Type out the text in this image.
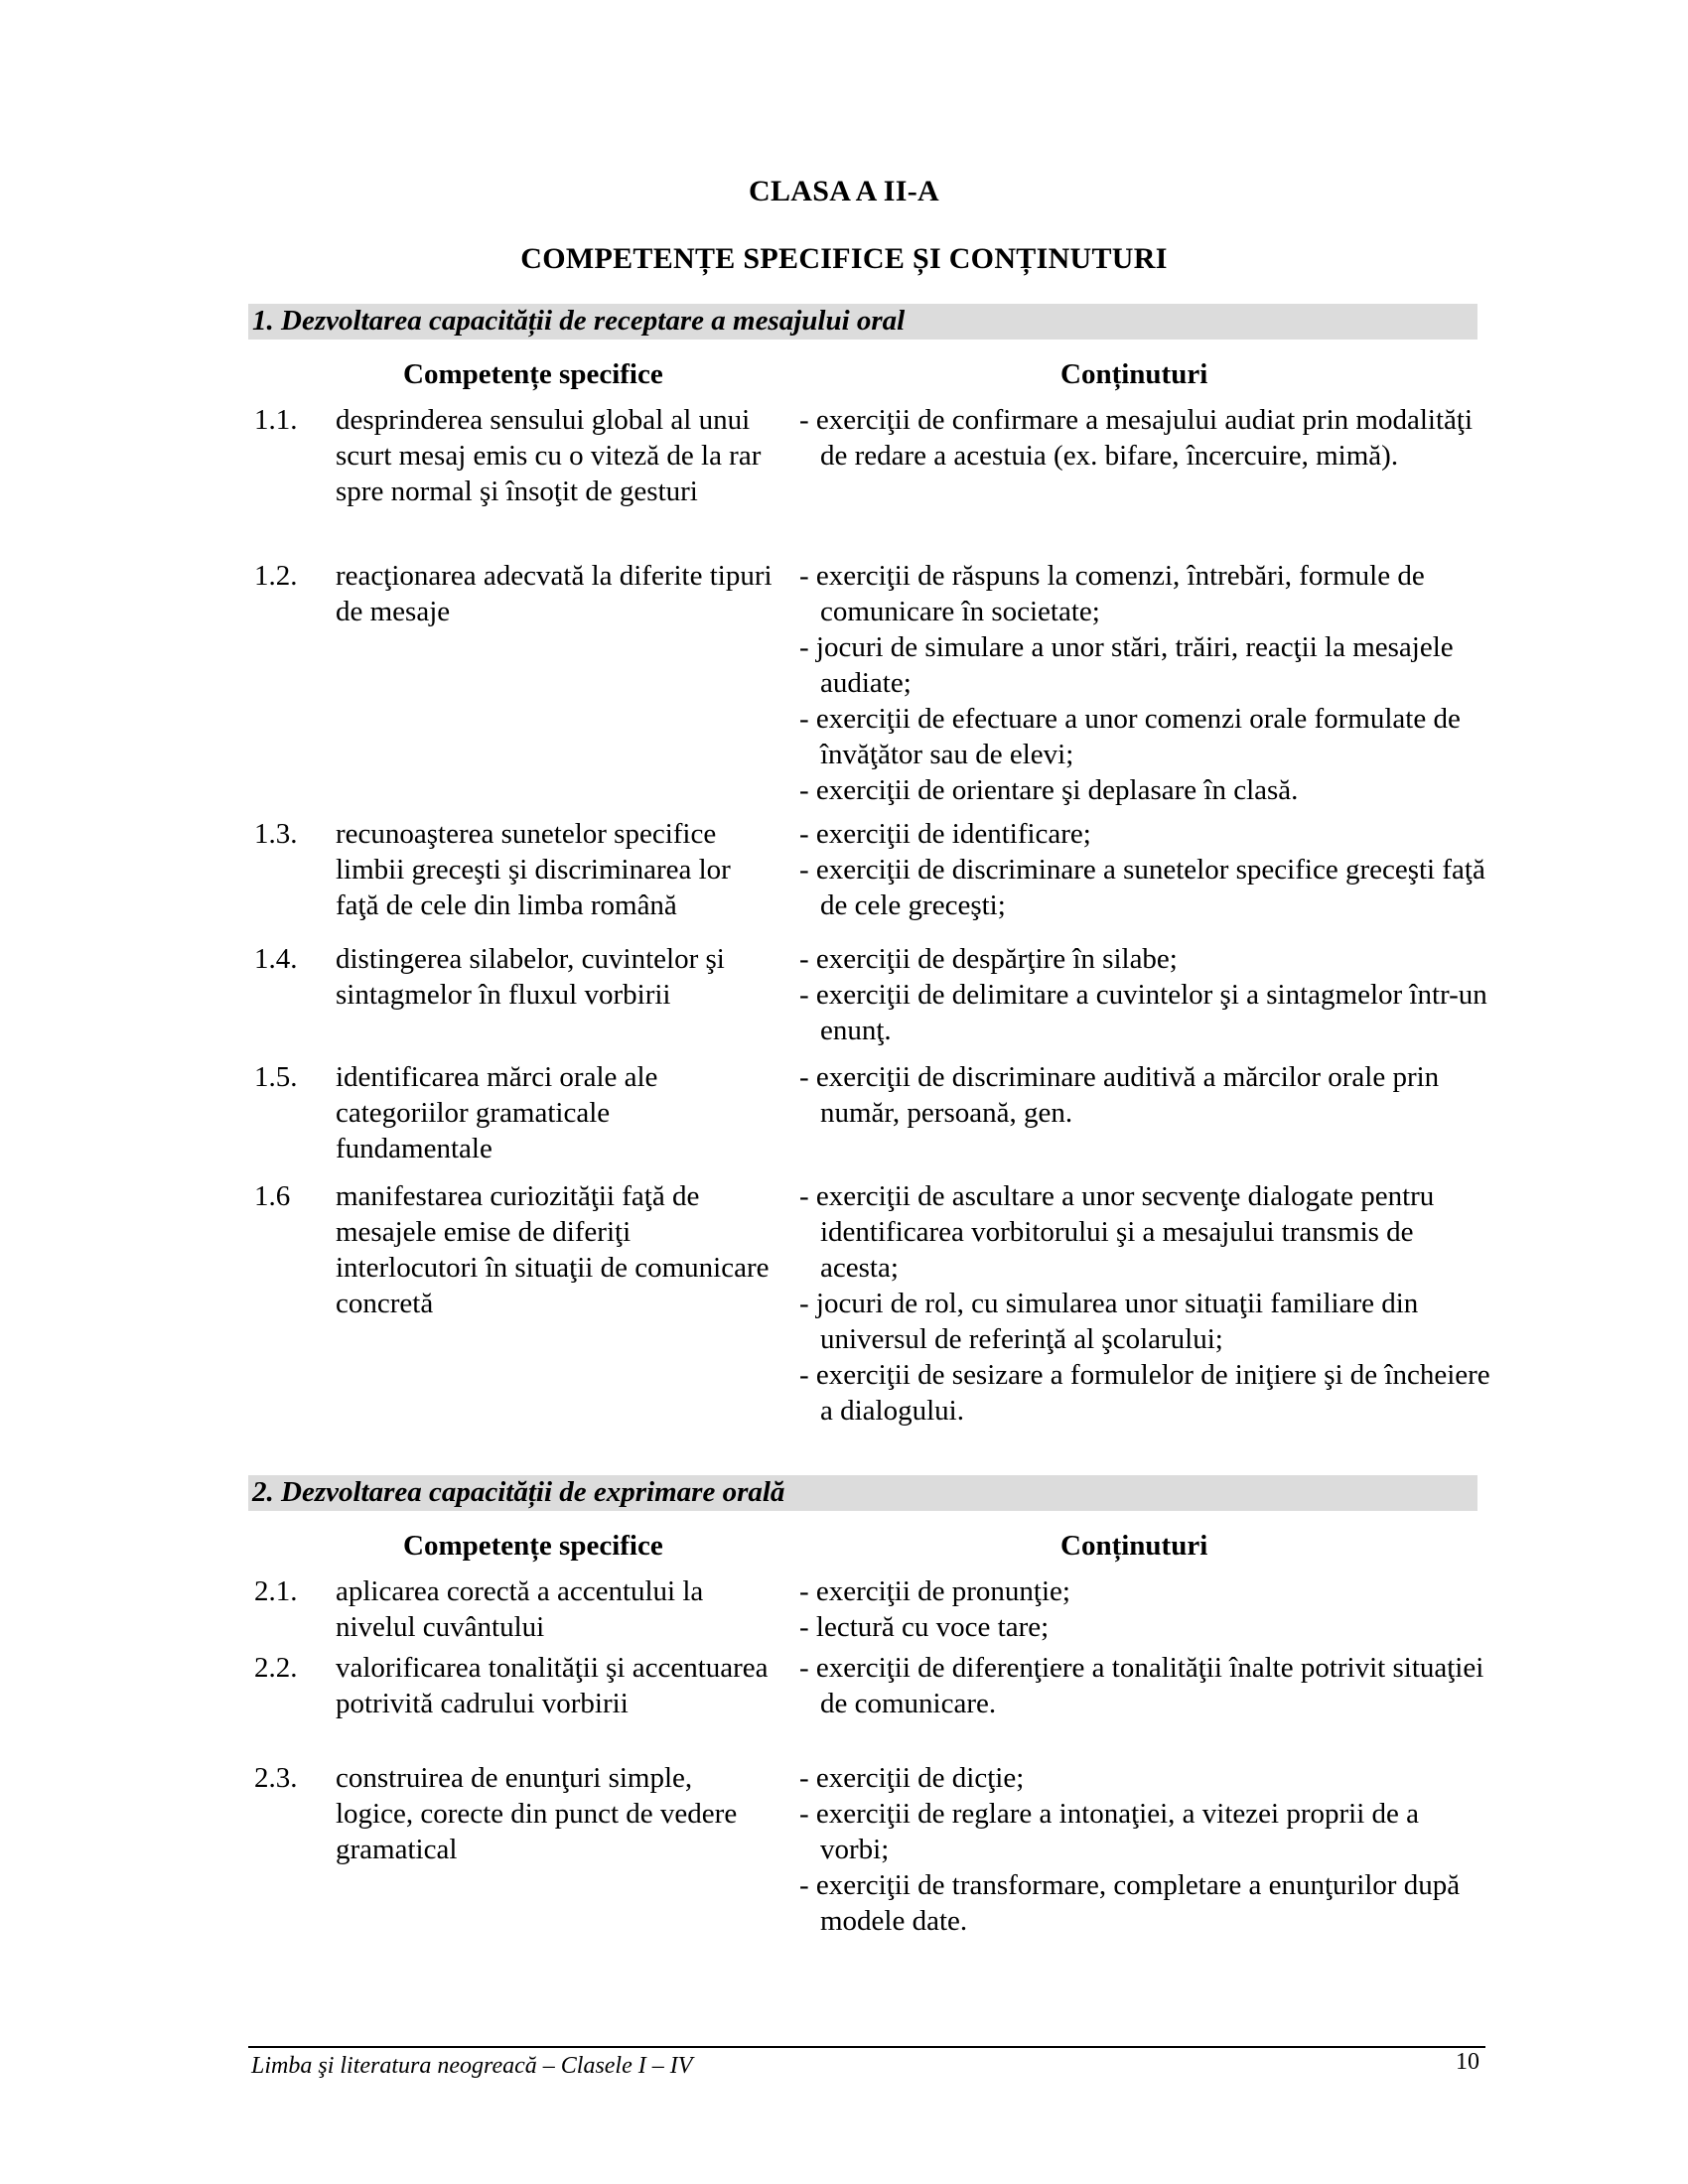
CLASA A II-A
COMPETENȚE SPECIFICE ȘI CONȚINUTURI
1. Dezvoltarea capacității de receptare a mesajului oral
Competențe specifice	Conținuturi
1.1. desprinderea sensului global al unui scurt mesaj emis cu o viteză de la rar spre normal şi însoţit de gesturi
- exerciţii de confirmare a mesajului audiat prin modalităţi de redare a acestuia (ex. bifare, încercuire, mimă).
1.2. reacţionarea adecvată la diferite tipuri de mesaje
- exerciţii de răspuns la comenzi, întrebări, formule de comunicare în societate;
- jocuri de simulare a unor stări, trăiri, reacţii la mesajele audiate;
- exerciţii de efectuare a unor comenzi orale formulate de învăţător sau de elevi;
- exerciţii de orientare şi deplasare în clasă.
1.3. recunoaşterea sunetelor specifice limbii greceşti şi discriminarea lor faţă de cele din limba română
- exerciţii de identificare;
- exerciţii de discriminare a sunetelor specifice greceşti faţă de cele greceşti;
1.4. distingerea silabelor, cuvintelor şi sintagmelor în fluxul vorbirii
- exerciţii de despărţire în silabe;
- exerciţii de delimitare a cuvintelor şi a sintagmelor într-un enunţ.
1.5. identificarea mărci orale ale categoriilor gramaticale fundamentale
- exerciţii de discriminare auditivă a mărcilor orale prin număr, persoană, gen.
1.6 manifestarea curiozităţii faţă de mesajele emise de diferiţi interlocutori în situaţii de comunicare concretă
- exerciţii de ascultare a unor secvenţe dialogate pentru identificarea vorbitorului şi a mesajului transmis de acesta;
- jocuri de rol, cu simularea unor situaţii familiare din universul de referinţă al şcolarului;
- exerciţii de sesizare a formulelor de iniţiere şi de încheiere a dialogului.
2. Dezvoltarea capacității de exprimare orală
Competențe specifice	Conținuturi
2.1. aplicarea corectă a accentului la nivelul cuvântului
- exerciţii de pronunţie;
- lectură cu voce tare;
2.2. valorificarea tonalităţii şi accentuarea potrivită cadrului vorbirii
- exerciţii de diferenţiere a tonalităţii înalte potrivit situaţiei de comunicare.
2.3. construirea de enunţuri simple, logice, corecte din punct de vedere gramatical
- exerciţii de dicţie;
- exerciţii de reglare a intonaţiei, a vitezei proprii de a vorbi;
- exerciţii de transformare, completare a enunţurilor după modele date.
Limba şi literatura neogreacă – Clasele I – IV	10
